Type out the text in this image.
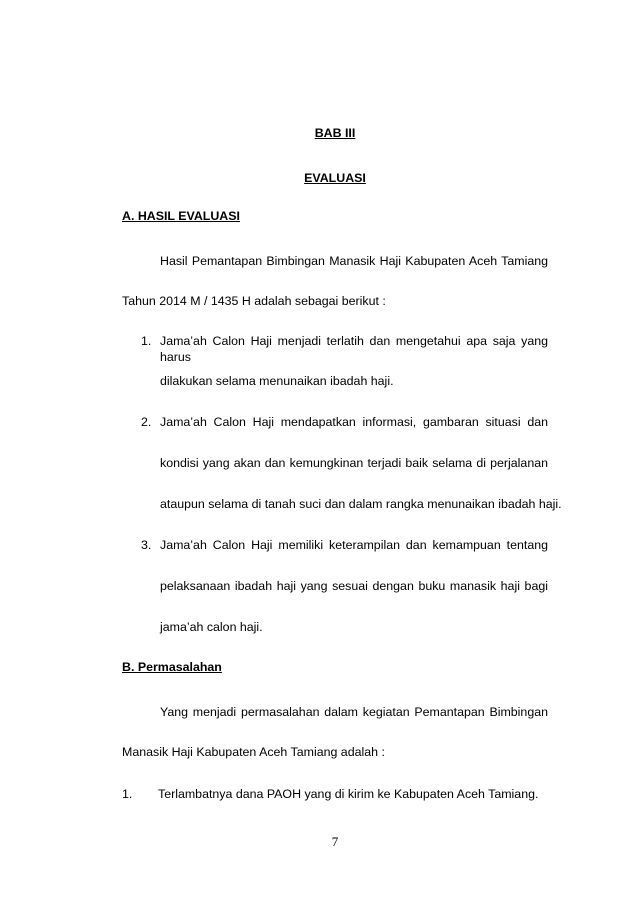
BAB III
EVALUASI
A. HASIL EVALUASI
Hasil Pemantapan Bimbingan Manasik Haji Kabupaten Aceh Tamiang
Tahun 2014 M / 1435 H adalah sebagai berikut :
1. Jama’ah Calon Haji menjadi terlatih dan mengetahui apa saja yang harus
dilakukan selama menunaikan ibadah haji.
2. Jama’ah Calon Haji mendapatkan informasi, gambaran situasi dan
kondisi yang akan dan kemungkinan terjadi baik selama di perjalanan
ataupun selama di tanah suci dan dalam rangka menunaikan ibadah haji.
3. Jama’ah Calon Haji memiliki keterampilan dan kemampuan tentang
pelaksanaan ibadah haji yang sesuai dengan buku manasik haji bagi
jama’ah calon haji.
B. Permasalahan
Yang menjadi permasalahan dalam kegiatan Pemantapan Bimbingan
Manasik Haji Kabupaten Aceh Tamiang adalah :
1.	Terlambatnya dana PAOH yang di kirim ke Kabupaten Aceh Tamiang.
7
